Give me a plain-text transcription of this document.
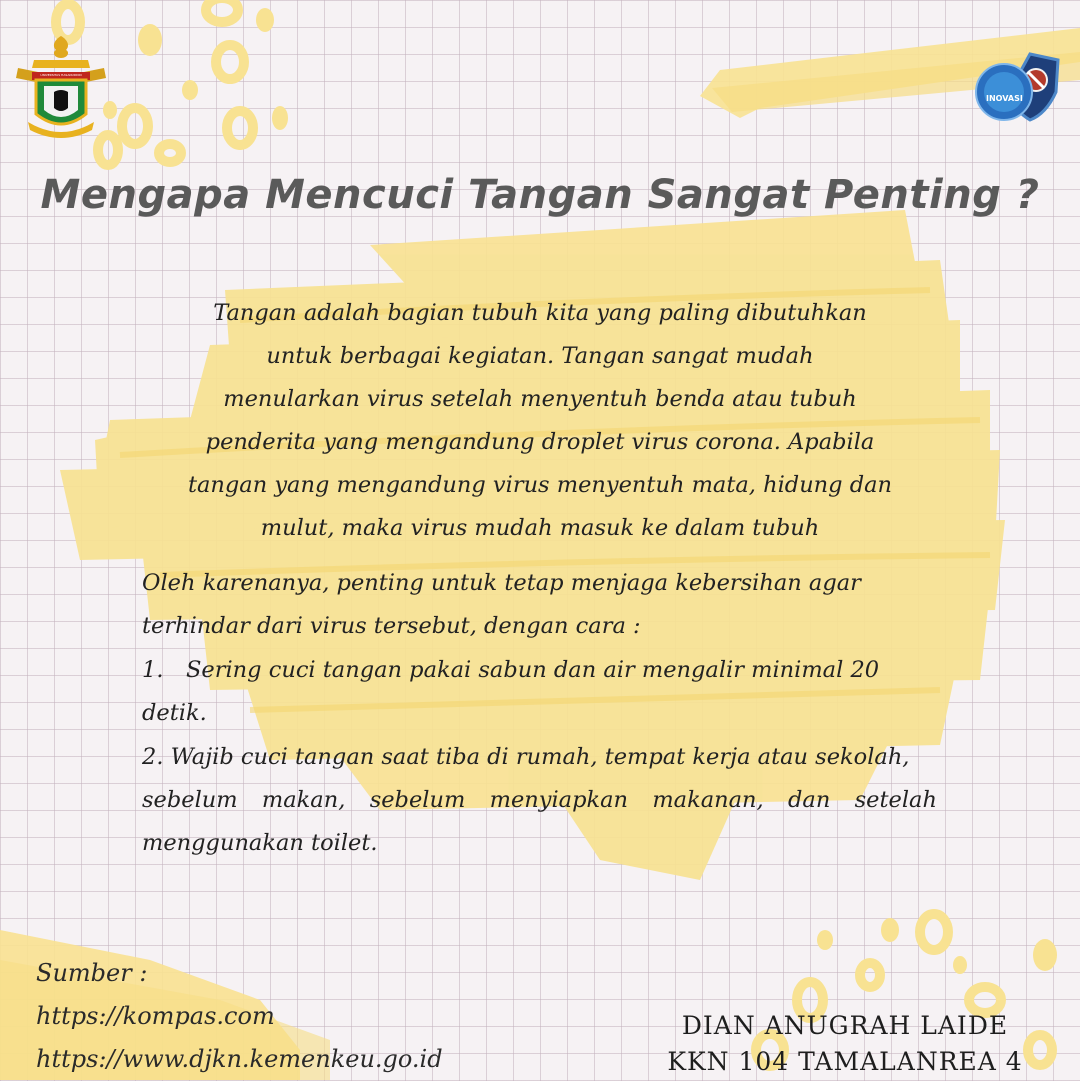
UNIVERSITAS HASANUDDIN
INOVASI
Mengapa Mencuci Tangan Sangat Penting ?
Tangan adalah bagian tubuh kita yang paling dibutuhkan
untuk berbagai kegiatan. Tangan sangat mudah
menularkan virus setelah menyentuh benda atau tubuh
penderita yang mengandung droplet virus corona. Apabila
tangan yang mengandung virus menyentuh mata, hidung dan
mulut, maka virus mudah masuk ke dalam tubuh
Oleh karenanya, penting untuk tetap menjaga kebersihan agar
terhindar dari virus tersebut, dengan cara :
1. Sering cuci tangan pakai sabun dan air mengalir minimal 20
detik.
2. Wajib cuci tangan saat tiba di rumah, tempat kerja atau sekolah,
sebelum makan, sebelum menyiapkan makanan, dan setelah
menggunakan toilet.
Sumber :
https://kompas.com
https://www.djkn.kemenkeu.go.id
DIAN ANUGRAH LAIDE
KKN 104 TAMALANREA 4
